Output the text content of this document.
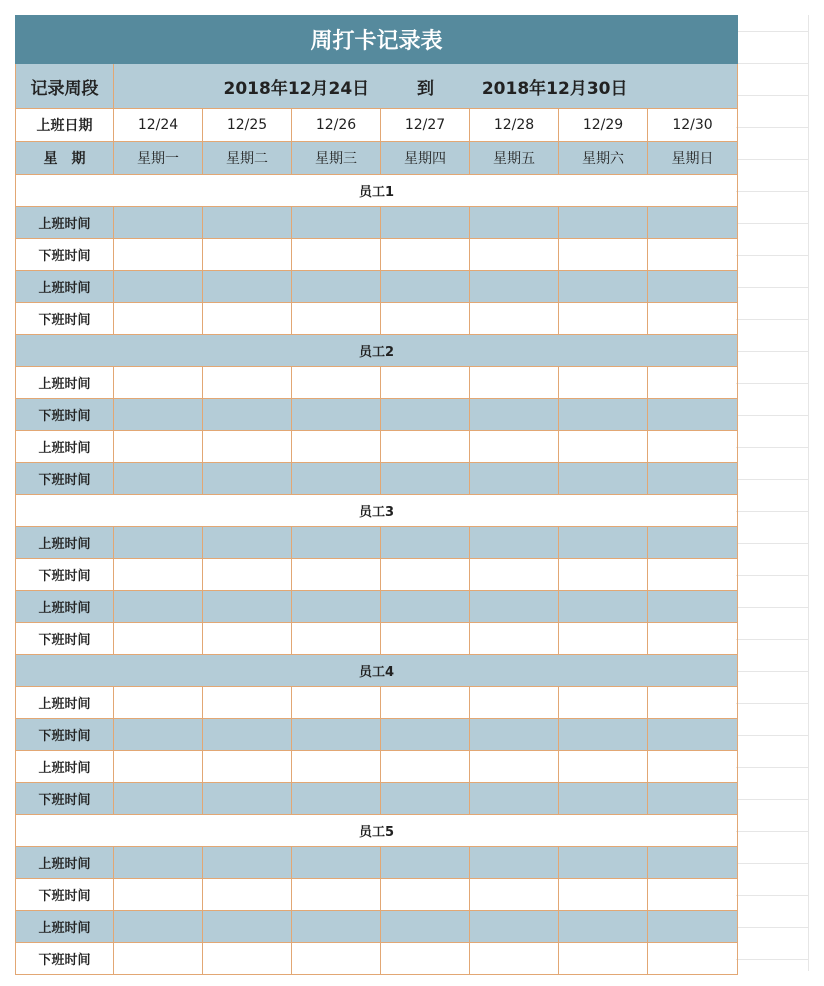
周打卡记录表							
记录周段	2018年12月24日 到 2018年12月30日						
上班日期	12/24	12/25	12/26	12/27	12/28	12/29	12/30
星　期	星期一	星期二	星期三	星期四	星期五	星期六	星期日
员工1							
上班时间							
下班时间							
上班时间							
下班时间							
员工2							
上班时间							
下班时间							
上班时间							
下班时间							
员工3							
上班时间							
下班时间							
上班时间							
下班时间							
员工4							
上班时间							
下班时间							
上班时间							
下班时间							
员工5							
上班时间							
下班时间							
上班时间							
下班时间							
